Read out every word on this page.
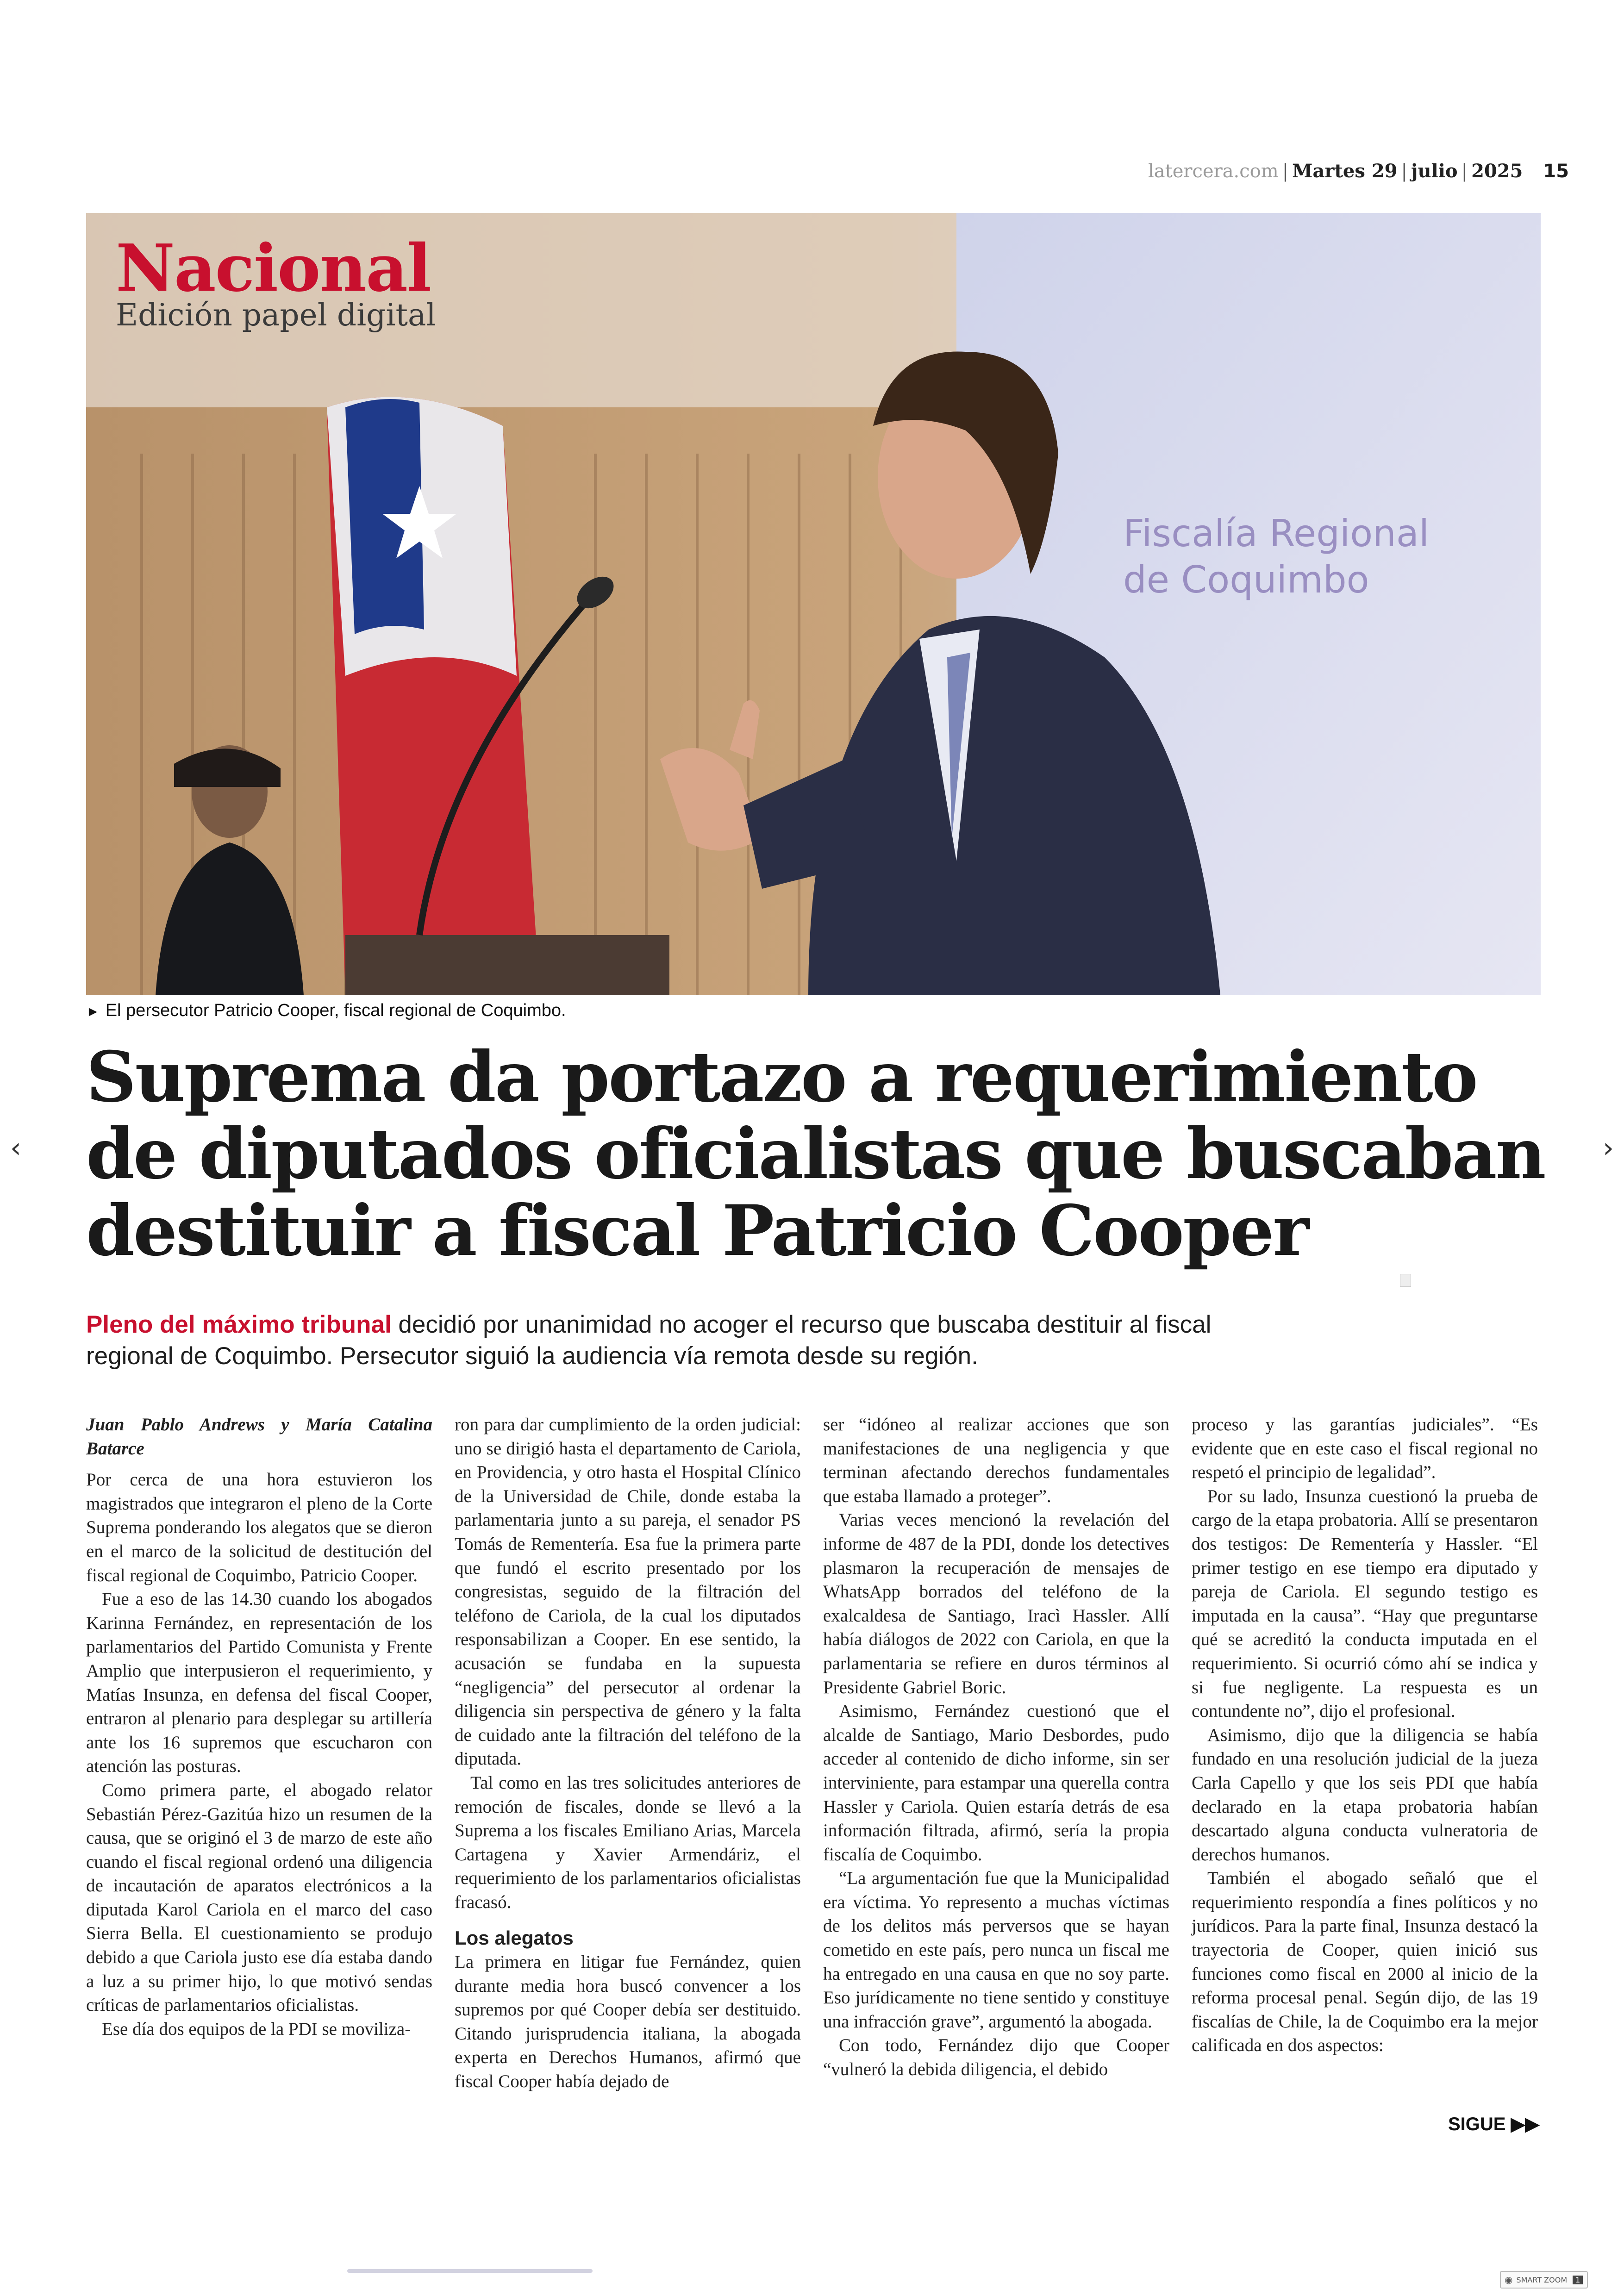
latercera.com | Martes 29 | julio | 2025 15
Fiscalía Regional
de Coquimbo
Nacional
Edición papel digital
► El persecutor Patricio Cooper, fiscal regional de Coquimbo.
Suprema da portazo a requerimiento
de diputados oficialistas que buscaban
destituir a fiscal Patricio Cooper
Pleno del máximo tribunal decidió por unanimidad no acoger el recurso que buscaba destituir al fiscal regional de Coquimbo. Persecutor siguió la audiencia vía remota desde su región.

Juan Pablo Andrews y María Catalina Batarce

Por cerca de una hora estuvieron los magistrados que integraron el pleno de la Corte Suprema ponderando los alegatos que se dieron en el marco de la solicitud de destitución del fiscal regional de Coquimbo, Patricio Cooper.

Fue a eso de las 14.30 cuando los abogados Karinna Fernández, en representación de los parlamentarios del Partido Comunista y Frente Amplio que interpusieron el requerimiento, y Matías Insunza, en defensa del fiscal Cooper, entraron al plenario para desplegar su artillería ante los 16 supremos que escucharon con atención las posturas.

Como primera parte, el abogado relator Sebastián Pérez-Gazitúa hizo un resumen de la causa, que se originó el 3 de marzo de este año cuando el fiscal regional ordenó una diligencia de incautación de aparatos electrónicos a la diputada Karol Cariola en el marco del caso Sierra Bella. El cuestionamiento se produjo debido a que Cariola justo ese día estaba dando a luz a su primer hijo, lo que motivó sendas críticas de parlamentarios oficialistas.

Ese día dos equipos de la PDI se moviliza-

ron para dar cumplimiento de la orden judicial: uno se dirigió hasta el departamento de Cariola, en Providencia, y otro hasta el Hospital Clínico de la Universidad de Chile, donde estaba la parlamentaria junto a su pareja, el senador PS Tomás de Rementería. Esa fue la primera parte que fundó el escrito presentado por los congresistas, seguido de la filtración del teléfono de Cariola, de la cual los diputados responsabilizan a Cooper. En ese sentido, la acusación se fundaba en la supuesta “negligencia” del persecutor al ordenar la diligencia sin perspectiva de género y la falta de cuidado ante la filtración del teléfono de la diputada.

Tal como en las tres solicitudes anteriores de remoción de fiscales, donde se llevó a la Suprema a los fiscales Emiliano Arias, Marcela Cartagena y Xavier Armendáriz, el requerimiento de los parlamentarios oficialistas fracasó.

Los alegatos

La primera en litigar fue Fernández, quien durante media hora buscó convencer a los supremos por qué Cooper debía ser destituido. Citando jurisprudencia italiana, la abogada experta en Derechos Humanos, afirmó que fiscal Cooper había dejado de

ser “idóneo al realizar acciones que son manifestaciones de una negligencia y que terminan afectando derechos fundamentales que estaba llamado a proteger”.

Varias veces mencionó la revelación del informe de 487 de la PDI, donde los detectives plasmaron la recuperación de mensajes de WhatsApp borrados del teléfono de la exalcaldesa de Santiago, Iracì Hassler. Allí había diálogos de 2022 con Cariola, en que la parlamentaria se refiere en duros términos al Presidente Gabriel Boric.

Asimismo, Fernández cuestionó que el alcalde de Santiago, Mario Desbordes, pudo acceder al contenido de dicho informe, sin ser interviniente, para estampar una querella contra Hassler y Cariola. Quien estaría detrás de esa información filtrada, afirmó, sería la propia fiscalía de Coquimbo.

“La argumentación fue que la Municipalidad era víctima. Yo represento a muchas víctimas de los delitos más perversos que se hayan cometido en este país, pero nunca un fiscal me ha entregado en una causa en que no soy parte. Eso jurídicamente no tiene sentido y constituye una infracción grave”, argumentó la abogada.

Con todo, Fernández dijo que Cooper “vulneró la debida diligencia, el debido

proceso y las garantías judiciales”. “Es evidente que en este caso el fiscal regional no respetó el principio de legalidad”.

Por su lado, Insunza cuestionó la prueba de cargo de la etapa probatoria. Allí se presentaron dos testigos: De Rementería y Hassler. “El primer testigo en ese tiempo era diputado y pareja de Cariola. El segundo testigo es imputada en la causa”. “Hay que preguntarse qué se acreditó la conducta imputada en el requerimiento. Si ocurrió cómo ahí se indica y si fue negligente. La respuesta es un contundente no”, dijo el profesional.

Asimismo, dijo que la diligencia se había fundado en una resolución judicial de la jueza Carla Capello y que los seis PDI que había declarado en la etapa probatoria habían descartado alguna conducta vulneratoria de derechos humanos.

También el abogado señaló que el requerimiento respondía a fines políticos y no jurídicos. Para la parte final, Insunza destacó la trayectoria de Cooper, quien inició sus funciones como fiscal en 2000 al inicio de la reforma procesal penal. Según dijo, de las 19 fiscalías de Chile, la de Coquimbo era la mejor calificada en dos aspectos:

SIGUE ▶▶
‹	›
◉ SMART ZOOM	1
